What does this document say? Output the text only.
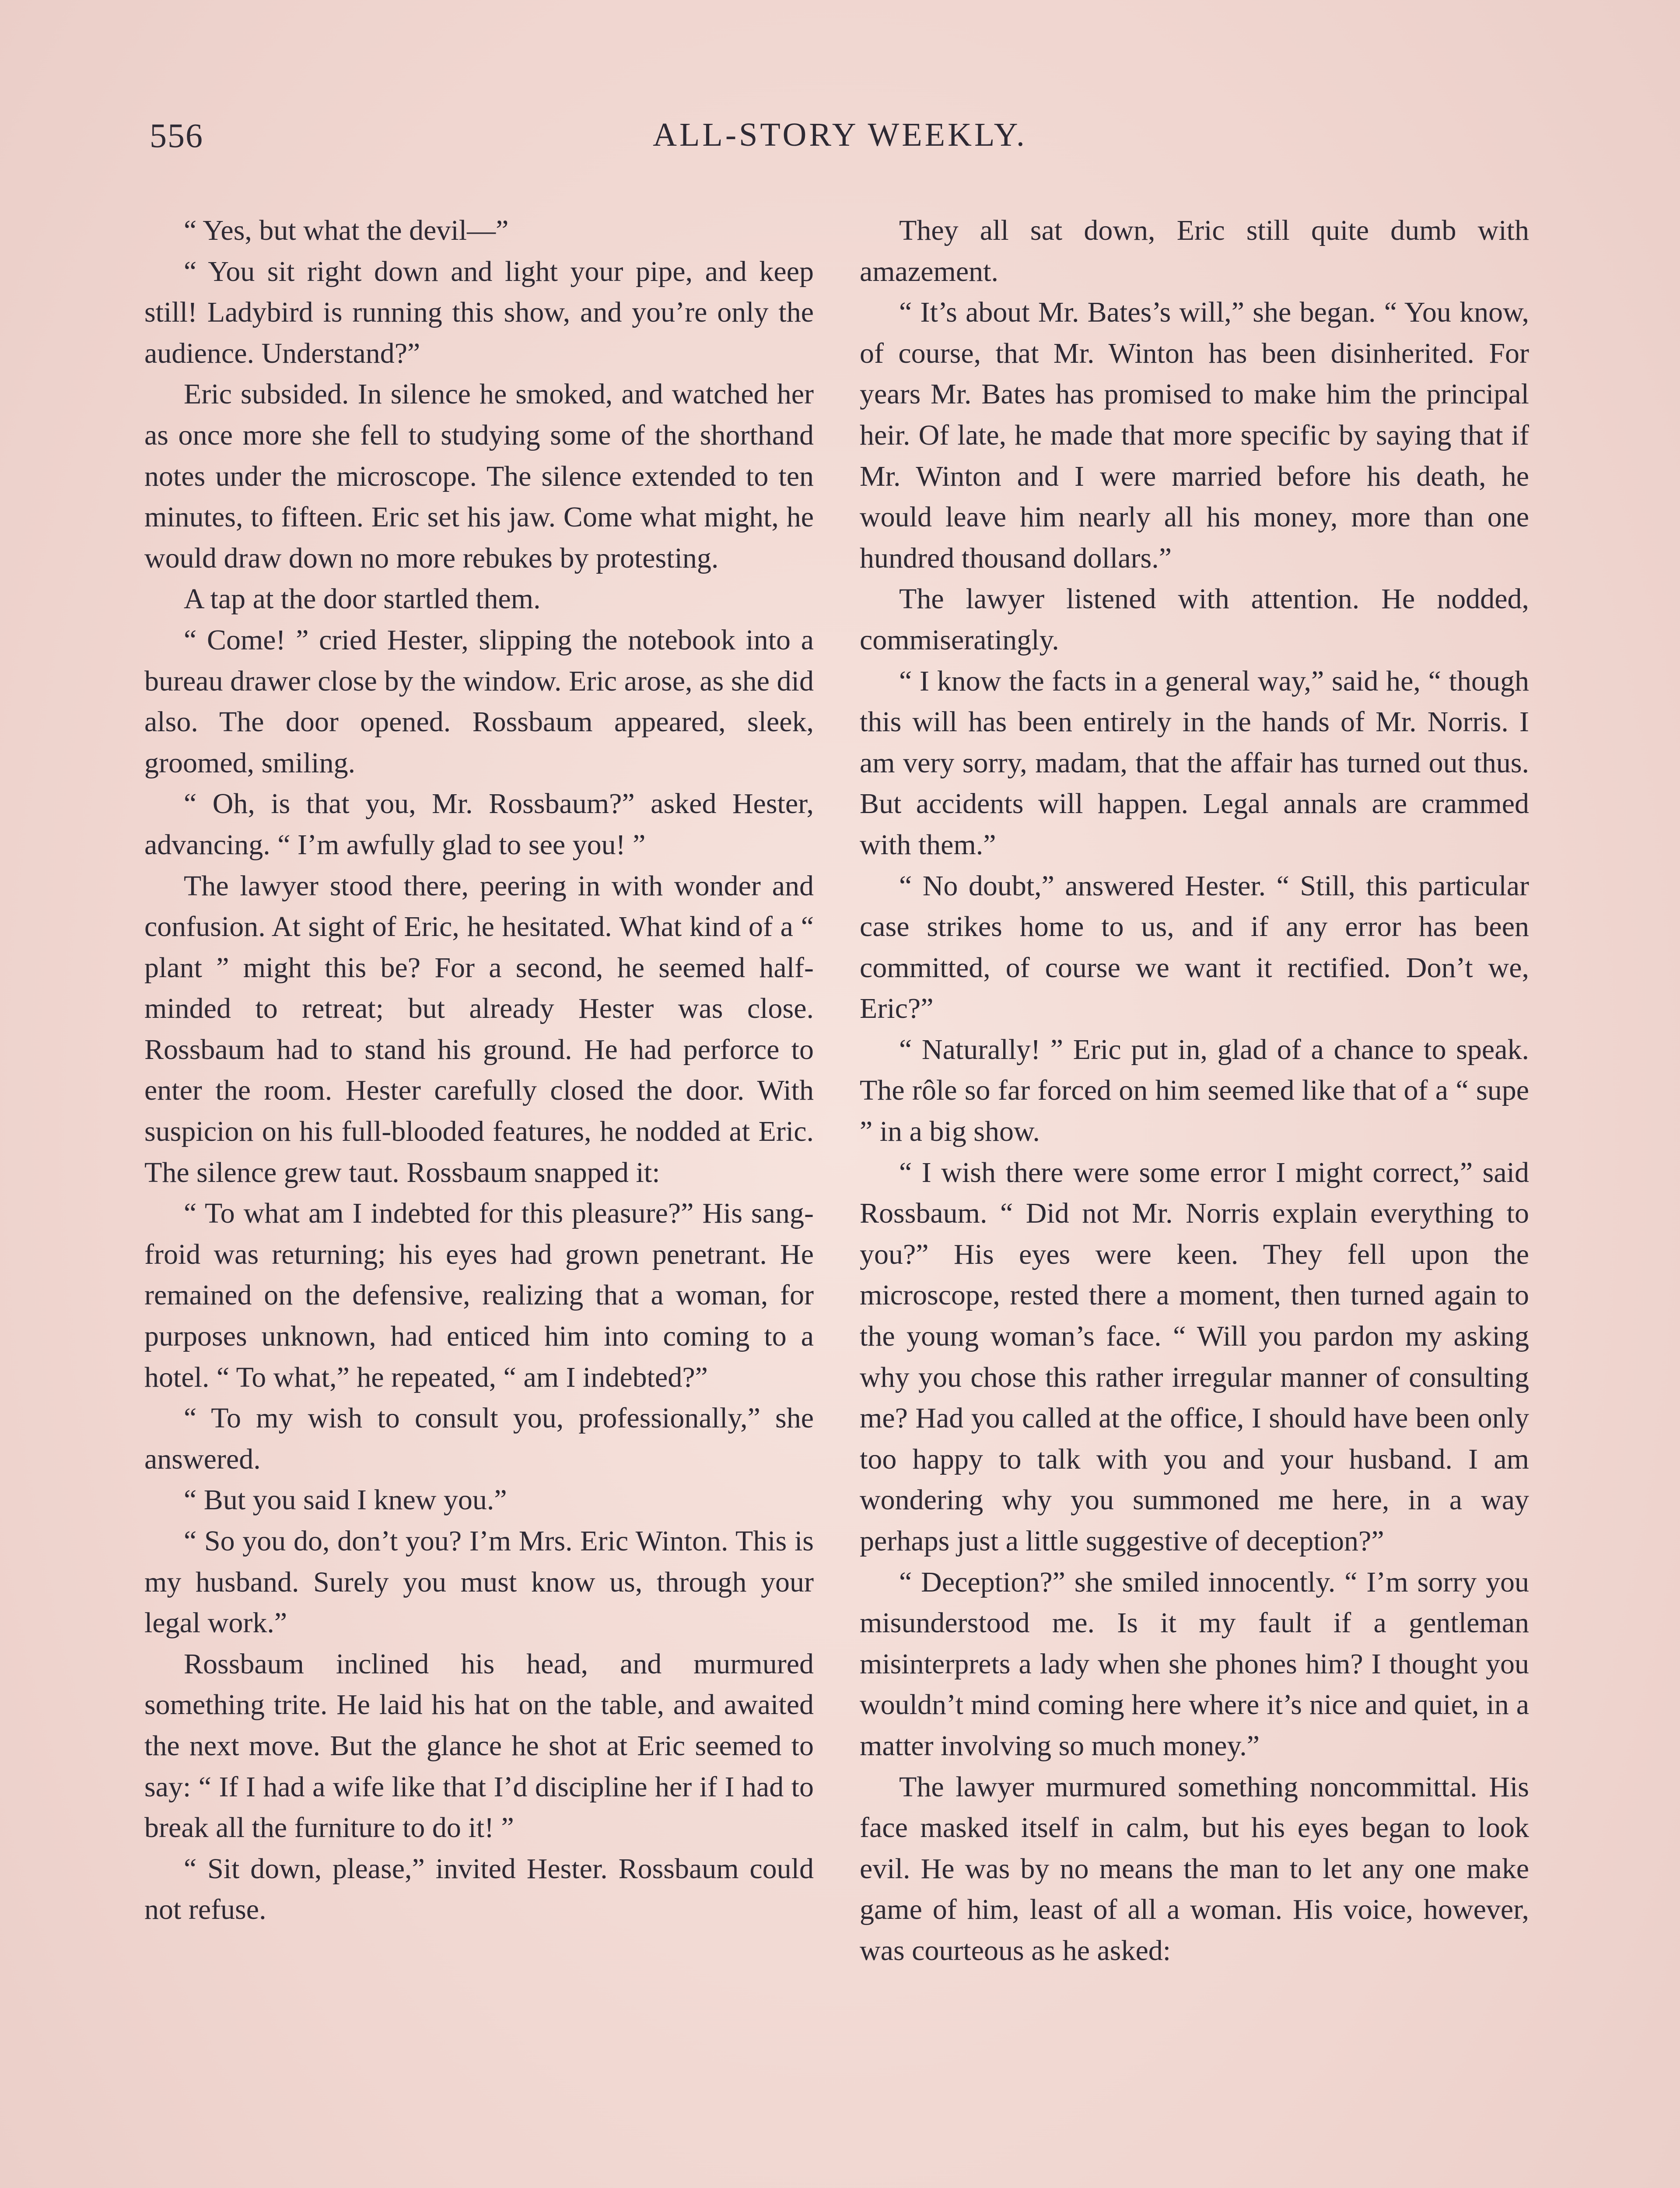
556	ALL-STORY WEEKLY.

“ Yes, but what the devil—”

“ You sit right down and light your pipe, and keep still! Ladybird is running this show, and you’re only the audience. Understand?”

Eric subsided. In silence he smoked, and watched her as once more she fell to studying some of the shorthand notes under the microscope. The silence extended to ten minutes, to fifteen. Eric set his jaw. Come what might, he would draw down no more rebukes by protesting.

A tap at the door startled them.

“ Come! ” cried Hester, slipping the notebook into a bureau drawer close by the window. Eric arose, as she did also. The door opened. Rossbaum appeared, sleek, groomed, smiling.

“ Oh, is that you, Mr. Rossbaum?” asked Hester, advancing. “ I’m awfully glad to see you! ”

The lawyer stood there, peering in with wonder and confusion. At sight of Eric, he hesitated. What kind of a “ plant ” might this be? For a second, he seemed half-minded to retreat; but already Hester was close. Rossbaum had to stand his ground. He had perforce to enter the room. Hester carefully closed the door. With suspicion on his full-blooded features, he nodded at Eric. The silence grew taut. Rossbaum snapped it:

“ To what am I indebted for this pleasure?” His sang-froid was returning; his eyes had grown penetrant. He remained on the defensive, realizing that a woman, for purposes unknown, had enticed him into coming to a hotel. “ To what,” he repeated, “ am I indebted?”

“ To my wish to consult you, professionally,” she answered.

“ But you said I knew you.”

“ So you do, don’t you? I’m Mrs. Eric Winton. This is my husband. Surely you must know us, through your legal work.”

Rossbaum inclined his head, and murmured something trite. He laid his hat on the table, and awaited the next move. But the glance he shot at Eric seemed to say: “ If I had a wife like that I’d discipline her if I had to break all the furniture to do it! ”

“ Sit down, please,” invited Hester. Rossbaum could not refuse.

They all sat down, Eric still quite dumb with amazement.

“ It’s about Mr. Bates’s will,” she began. “ You know, of course, that Mr. Winton has been disinherited. For years Mr. Bates has promised to make him the principal heir. Of late, he made that more specific by saying that if Mr. Winton and I were married before his death, he would leave him nearly all his money, more than one hundred thousand dollars.”

The lawyer listened with attention. He nodded, commiseratingly.

“ I know the facts in a general way,” said he, “ though this will has been entirely in the hands of Mr. Norris. I am very sorry, madam, that the affair has turned out thus. But accidents will happen. Legal annals are crammed with them.”

“ No doubt,” answered Hester. “ Still, this particular case strikes home to us, and if any error has been committed, of course we want it rectified. Don’t we, Eric?”

“ Naturally! ” Eric put in, glad of a chance to speak. The rôle so far forced on him seemed like that of a “ supe ” in a big show.

“ I wish there were some error I might correct,” said Rossbaum. “ Did not Mr. Norris explain everything to you?” His eyes were keen. They fell upon the microscope, rested there a moment, then turned again to the young woman’s face. “ Will you pardon my asking why you chose this rather irregular manner of consulting me? Had you called at the office, I should have been only too happy to talk with you and your husband. I am wondering why you summoned me here, in a way perhaps just a little suggestive of deception?”

“ Deception?” she smiled innocently. “ I’m sorry you misunderstood me. Is it my fault if a gentleman misinterprets a lady when she phones him? I thought you wouldn’t mind coming here where it’s nice and quiet, in a matter involving so much money.”

The lawyer murmured something noncommittal. His face masked itself in calm, but his eyes began to look evil. He was by no means the man to let any one make game of him, least of all a woman. His voice, however, was courteous as he asked:
